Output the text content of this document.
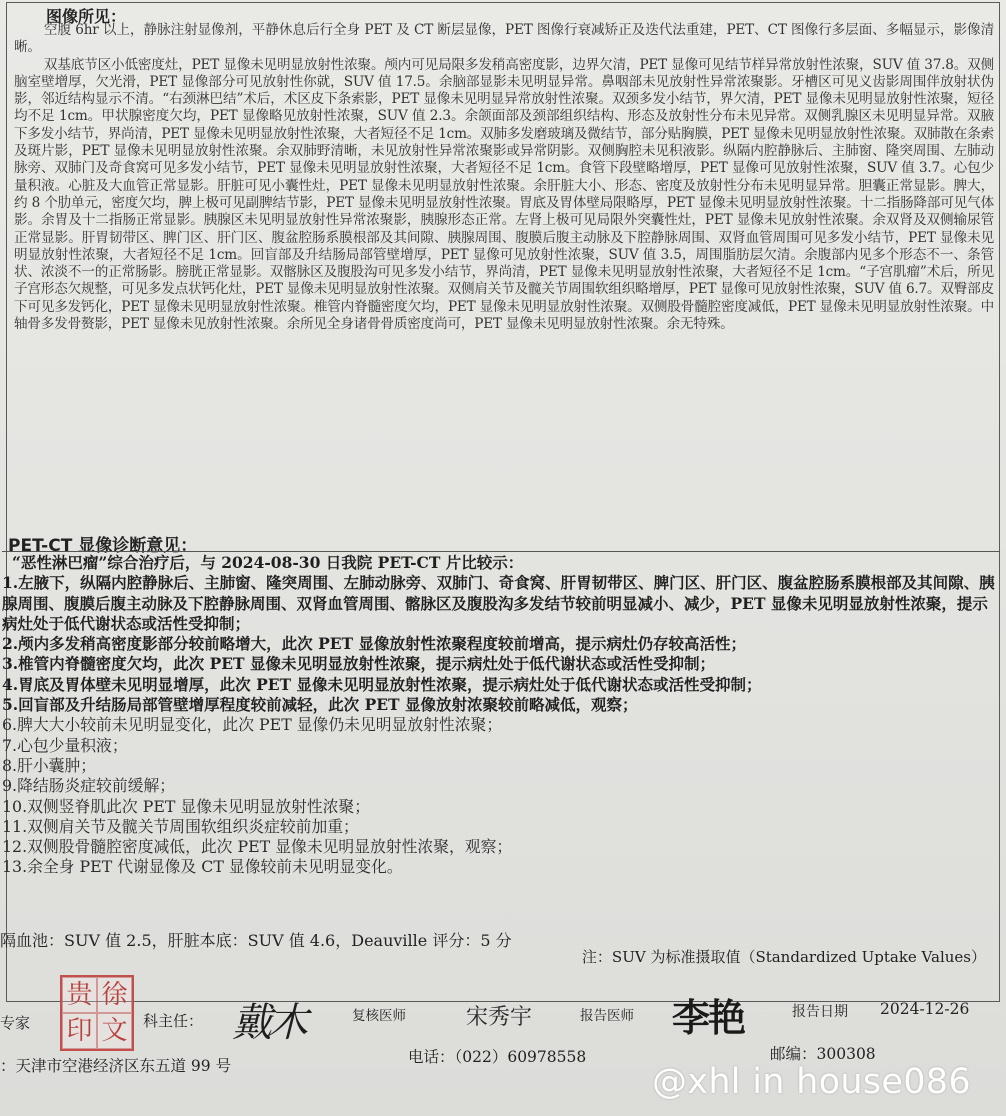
图像所见：

空腹 6hr 以上，静脉注射显像剂，平静休息后行全身 PET 及 CT 断层显像，PET 图像行衰减矫正及迭代法重建，PET、CT 图像行多层面、多幅显示，影像清晰。

双基底节区小低密度灶，PET 显像未见明显放射性浓聚。颅内可见局限多发稍高密度影，边界欠清，PET 显像可见结节样异常放射性浓聚，SUV 值 37.8。双侧脑室壁增厚，欠光滑，PET 显像部分可见放射性你就，SUV 值 17.5。余脑部显影未见明显异常。鼻咽部未见放射性异常浓聚影。牙槽区可见义齿影周围伴放射状伪影，邻近结构显示不清。“右颈淋巴结”术后，术区皮下条索影，PET 显像未见明显异常放射性浓聚。双颈多发小结节，界欠清，PET 显像未见明显放射性浓聚，短径均不足 1cm。甲状腺密度欠均，PET 显像略见放射性浓聚，SUV 值 2.3。余颌面部及颈部组织结构、形态及放射性分布未见异常。双侧乳腺区未见明显异常。双腋下多发小结节，界尚清，PET 显像未见明显放射性浓聚，大者短径不足 1cm。双肺多发磨玻璃及微结节，部分贴胸膜，PET 显像未见明显放射性浓聚。双肺散在条索及斑片影，PET 显像未见明显放射性浓聚。余双肺野清晰，未见放射性异常浓聚影或异常阴影。双侧胸腔未见积液影。纵隔内腔静脉后、主肺窗、隆突周围、左肺动脉旁、双肺门及奇食窝可见多发小结节，PET 显像未见明显放射性浓聚，大者短径不足 1cm。食管下段壁略增厚，PET 显像可见放射性浓聚，SUV 值 3.7。心包少量积液。心脏及大血管正常显影。肝脏可见小囊性灶，PET 显像未见明显放射性浓聚。余肝脏大小、形态、密度及放射性分布未见明显异常。胆囊正常显影。脾大，约 8 个肋单元，密度欠均，脾上极可见副脾结节影，PET 显像未见明显放射性浓聚。胃底及胃体壁局限略厚，PET 显像未见明显放射性浓聚。十二指肠降部可见气体影。余胃及十二指肠正常显影。胰腺区未见明显放射性异常浓聚影，胰腺形态正常。左肾上极可见局限外突囊性灶，PET 显像未见放射性浓聚。余双肾及双侧输尿管正常显影。肝胃韧带区、脾门区、肝门区、腹盆腔肠系膜根部及其间隙、胰腺周围、腹膜后腹主动脉及下腔静脉周围、双肾血管周围可见多发小结节，PET 显像未见明显放射性浓聚，大者短径不足 1cm。回盲部及升结肠局部管壁增厚，PET 显像可见放射性浓聚，SUV 值 3.5，周围脂肪层欠清。余腹部内见多个形态不一、条管状、浓淡不一的正常肠影。膀胱正常显影。双髂脉区及腹股沟可见多发小结节，界尚清，PET 显像未见明显放射性浓聚，大者短径不足 1cm。“子宫肌瘤”术后，所见子宫形态欠规整，可见多发点状钙化灶，PET 显像未见明显放射性浓聚。双侧肩关节及髋关节周围软组织略增厚，PET 显像可见放射性浓聚，SUV 值 6.7。双臀部皮下可见多发钙化，PET 显像未见明显放射性浓聚。椎管内脊髓密度欠均，PET 显像未见明显放射性浓聚。双侧股骨髓腔密度减低，PET 显像未见明显放射性浓聚。中轴骨多发骨赘影，PET 显像未见放射性浓聚。余所见全身诸骨骨质密度尚可，PET 显像未见明显放射性浓聚。余无特殊。

PET-CT 显像诊断意见：
“恶性淋巴瘤”综合治疗后，与 2024-08-30 日我院 PET-CT 片比较示：
1.左腋下，纵隔内腔静脉后、主肺窗、隆突周围、左肺动脉旁、双肺门、奇食窝、肝胃韧带区、脾门区、肝门区、腹盆腔肠系膜根部及其间隙、胰腺周围、腹膜后腹主动脉及下腔静脉周围、双肾血管周围、髂脉区及腹股沟多发结节较前明显减小、减少，PET 显像未见明显放射性浓聚，提示病灶处于低代谢状态或活性受抑制；
2.颅内多发稍高密度影部分较前略增大，此次 PET 显像放射性浓聚程度较前增高，提示病灶仍存较高活性；
3.椎管内脊髓密度欠均，此次 PET 显像未见明显放射性浓聚，提示病灶处于低代谢状态或活性受抑制；
4.胃底及胃体壁未见明显增厚，此次 PET 显像未见明显放射性浓聚，提示病灶处于低代谢状态或活性受抑制；
5.回盲部及升结肠局部管壁增厚程度较前减轻，此次 PET 显像放射浓聚较前略减低，观察；
6.脾大大小较前未见明显变化，此次 PET 显像仍未见明显放射性浓聚；
7.心包少量积液；
8.肝小囊肿；
9.降结肠炎症较前缓解；
10.双侧竖脊肌此次 PET 显像未见明显放射性浓聚；
11.双侧肩关节及髋关节周围软组织炎症较前加重；
12.双侧股骨髓腔密度减低，此次 PET 显像未见明显放射性浓聚，观察；
13.余全身 PET 代谢显像及 CT 显像较前未见明显变化。
隔血池：SUV 值 2.5，肝脏本底：SUV 值 4.6，Deauville 评分：5 分
注：SUV 为标准摄取值（Standardized Uptake Values）
贵 徐
印 文
专家	科主任： 戴木	复核医师	宋秀宇	报告医师 李艳	报告日期 2024-12-26
：天津市空港经济区东五道 99 号	电话：（022）60978558	邮编：300308
@xhl in house086
